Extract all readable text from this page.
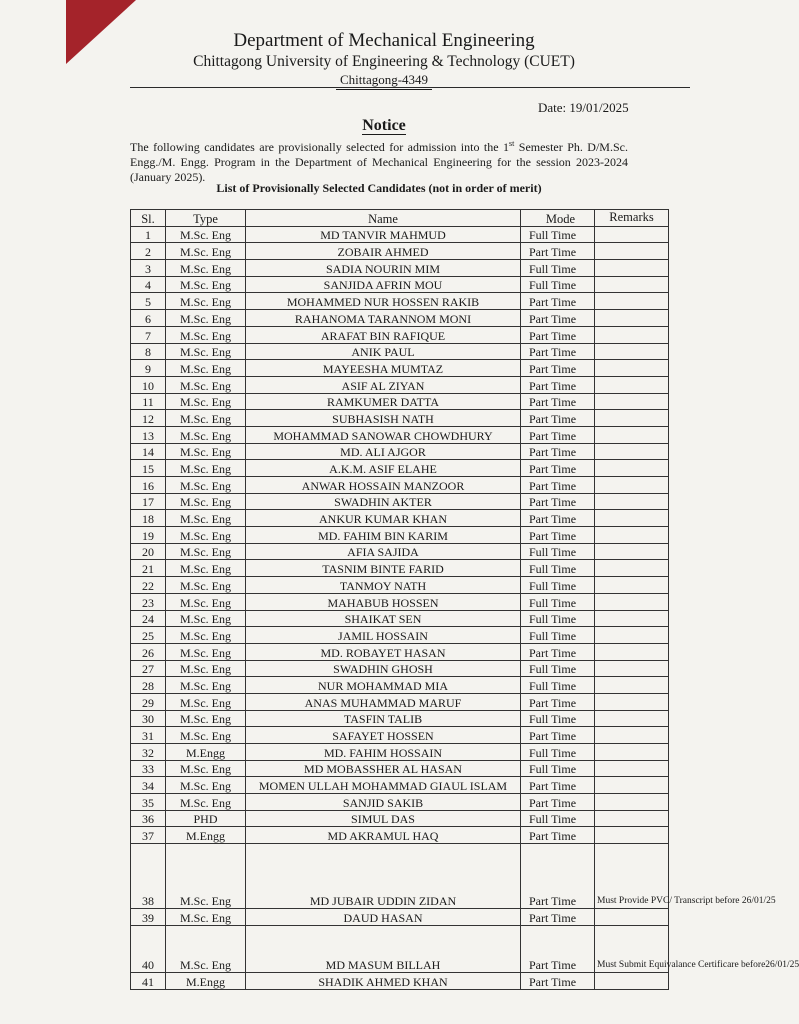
Department of Mechanical Engineering
Chittagong University of Engineering & Technology (CUET)
Chittagong-4349
Date: 19/01/2025
Notice
The following candidates are provisionally selected for admission into the 1st Semester Ph. D/M.Sc. Engg./M. Engg. Program in the Department of Mechanical Engineering for the session 2023-2024 (January 2025).
List of Provisionally Selected Candidates (not in order of merit)
Sl.	Type	Name	Mode	Remarks
1	M.Sc. Eng	MD TANVIR MAHMUD	Full Time	
2	M.Sc. Eng	ZOBAIR AHMED	Part Time	
3	M.Sc. Eng	SADIA NOURIN MIM	Full Time	
4	M.Sc. Eng	SANJIDA AFRIN MOU	Full Time	
5	M.Sc. Eng	MOHAMMED NUR HOSSEN RAKIB	Part Time	
6	M.Sc. Eng	RAHANOMA TARANNOM MONI	Part Time	
7	M.Sc. Eng	ARAFAT BIN RAFIQUE	Part Time	
8	M.Sc. Eng	ANIK PAUL	Part Time	
9	M.Sc. Eng	MAYEESHA MUMTAZ	Part Time	
10	M.Sc. Eng	ASIF AL ZIYAN	Part Time	
11	M.Sc. Eng	RAMKUMER DATTA	Part Time	
12	M.Sc. Eng	SUBHASISH NATH	Part Time	
13	M.Sc. Eng	MOHAMMAD SANOWAR CHOWDHURY	Part Time	
14	M.Sc. Eng	MD. ALI AJGOR	Part Time	
15	M.Sc. Eng	A.K.M. ASIF ELAHE	Part Time	
16	M.Sc. Eng	ANWAR HOSSAIN MANZOOR	Part Time	
17	M.Sc. Eng	SWADHIN AKTER	Part Time	
18	M.Sc. Eng	ANKUR KUMAR KHAN	Part Time	
19	M.Sc. Eng	MD. FAHIM BIN KARIM	Part Time	
20	M.Sc. Eng	AFIA SAJIDA	Full Time	
21	M.Sc. Eng	TASNIM BINTE FARID	Full Time	
22	M.Sc. Eng	TANMOY NATH	Full Time	
23	M.Sc. Eng	MAHABUB HOSSEN	Full Time	
24	M.Sc. Eng	SHAIKAT SEN	Full Time	
25	M.Sc. Eng	JAMIL HOSSAIN	Full Time	
26	M.Sc. Eng	MD. ROBAYET HASAN	Part Time	
27	M.Sc. Eng	SWADHIN GHOSH	Full Time	
28	M.Sc. Eng	NUR MOHAMMAD MIA	Full Time	
29	M.Sc. Eng	ANAS MUHAMMAD MARUF	Part Time	
30	M.Sc. Eng	TASFIN TALIB	Full Time	
31	M.Sc. Eng	SAFAYET HOSSEN	Part Time	
32	M.Engg	MD. FAHIM HOSSAIN	Full Time	
33	M.Sc. Eng	MD MOBASSHER AL HASAN	Full Time	
34	M.Sc. Eng	MOMEN ULLAH MOHAMMAD GIAUL ISLAM	Part Time	
35	M.Sc. Eng	SANJID SAKIB	Part Time	
36	PHD	SIMUL DAS	Full Time	
37	M.Engg	MD AKRAMUL HAQ	Part Time	
38	M.Sc. Eng	MD JUBAIR UDDIN ZIDAN	Part Time	Must Provide PVC/ Transcript before 26/01/25
39	M.Sc. Eng	DAUD HASAN	Part Time	
40	M.Sc. Eng	MD MASUM BILLAH	Part Time	Must Submit Equivalance Certificare before26/01/25
41	M.Engg	SHADIK AHMED KHAN	Part Time	
